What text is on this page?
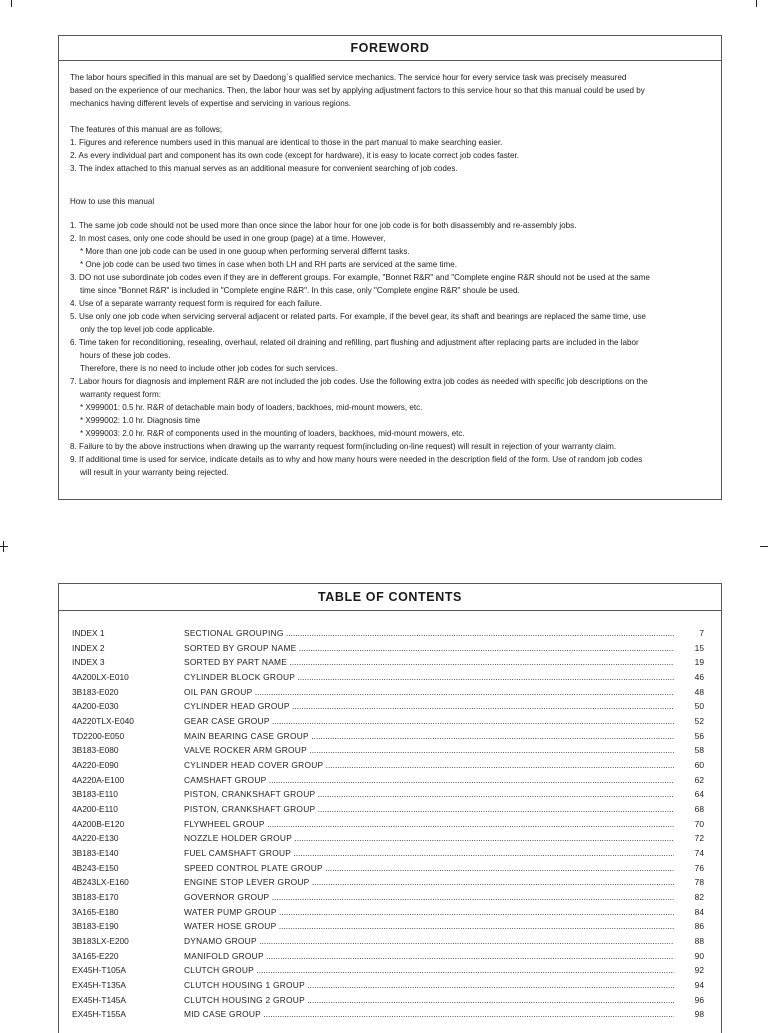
FOREWORD

The labor hours specified in this manual are set by Daedong`s qualified service mechanics. The service hour for every service task was precisely measured

based on the experience of our mechanics. Then, the labor hour was set by applying adjustment factors to this service hour so that this manual could be used by

mechanics having different levels of expertise and servicing in various regions.

The features of this manual are as follows;

1. Figures and reference numbers used in this manual are identical to those in the part manual to make searching easier.

2. As every individual part and component has its own code (except for hardware), it is easy to locate correct job codes faster.

3. The index attached to this manual serves as an additional measure for convenient searching of job codes.

How to use this manual

1. The same job code should not be used more than once since the labor hour for one job code is for both disassembly and re-assembly jobs.

2. In most cases, only one code should be used in one group (page) at a time. However,

* More than one job code can be used in one guoup when performing serveral differnt tasks.

* One job code can be used two times in case when both LH and RH parts are serviced at the same time.

3. DO not use subordinate job codes even if they are in defferent groups. For example, "Bonnet R&R" and "Complete engine R&R should not be used at the same

time since "Bonnet R&R" is included in "Complete engine R&R". In this case, only "Complete engine R&R" shoule be used.

4. Use of a separate warranty request form is required for each failure.

5. Use only one job code when servicing serveral adjacent or related parts. For example, if the bevel gear, its shaft and bearings are replaced the same time, use

only the top level job code applicable.

6. Time taken for reconditioning, resealing, overhaul, related oil draining and refilling, part flushing and adjustment after replacing parts are included in the labor

hours of these job codes.

Therefore, there is no need to include other job codes for such services.

7. Labor hours for diagnosis and implement R&R are not included the job codes. Use the following extra job codes as needed with specific job descriptions on the

warranty request form:

* X999001: 0.5 hr. R&R of detachable main body of loaders, backhoes, mid-mount mowers, etc.

* X999002: 1.0 hr. Diagnosis time

* X999003: 2.0 hr. R&R of components used in the mounting of loaders, backhoes, mid-mount mowers, etc.

8. Failure to by the above instructions when drawing up the warranty request form(including on-line request) will result in rejection of your warranty claim.

9. If additional time is used for service, indicate details as to why and how many hours were needed in the description field of the form. Use of random job codes

will result in your warranty being rejected.

TABLE OF CONTENTS
INDEX 1	SECTIONAL GROUPING .....	7
INDEX 2	SORTED BY GROUP NAME .....	15
INDEX 3	SORTED BY PART NAME .....	19
4A200LX-E010	CYLINDER BLOCK GROUP .....	46
3B183-E020	OIL PAN GROUP .....	48
4A200-E030	CYLINDER HEAD GROUP .....	50
4A220TLX-E040	GEAR CASE GROUP .....	52
TD2200-E050	MAIN BEARING CASE GROUP .....	56
3B183-E080	VALVE ROCKER ARM GROUP .....	58
4A220-E090	CYLINDER HEAD COVER GROUP .....	60
4A220A-E100	CAMSHAFT GROUP .....	62
3B183-E110	PISTON, CRANKSHAFT GROUP .....	64
4A200-E110	PISTON, CRANKSHAFT GROUP .....	68
4A200B-E120	FLYWHEEL GROUP .....	70
4A220-E130	NOZZLE HOLDER GROUP .....	72
3B183-E140	FUEL CAMSHAFT GROUP .....	74
4B243-E150	SPEED CONTROL PLATE GROUP .....	76
4B243LX-E160	ENGINE STOP LEVER GROUP .....	78
3B183-E170	GOVERNOR GROUP .....	82
3A165-E180	WATER PUMP GROUP .....	84
3B183-E190	WATER HOSE GROUP .....	86
3B183LX-E200	DYNAMO GROUP .....	88
3A165-E220	MANIFOLD GROUP .....	90
EX45H-T105A	CLUTCH GROUP .....	92
EX45H-T135A	CLUTCH HOUSING 1 GROUP .....	94
EX45H-T145A	CLUTCH HOUSING 2 GROUP .....	96
EX45H-T155A	MID CASE GROUP .....	98
